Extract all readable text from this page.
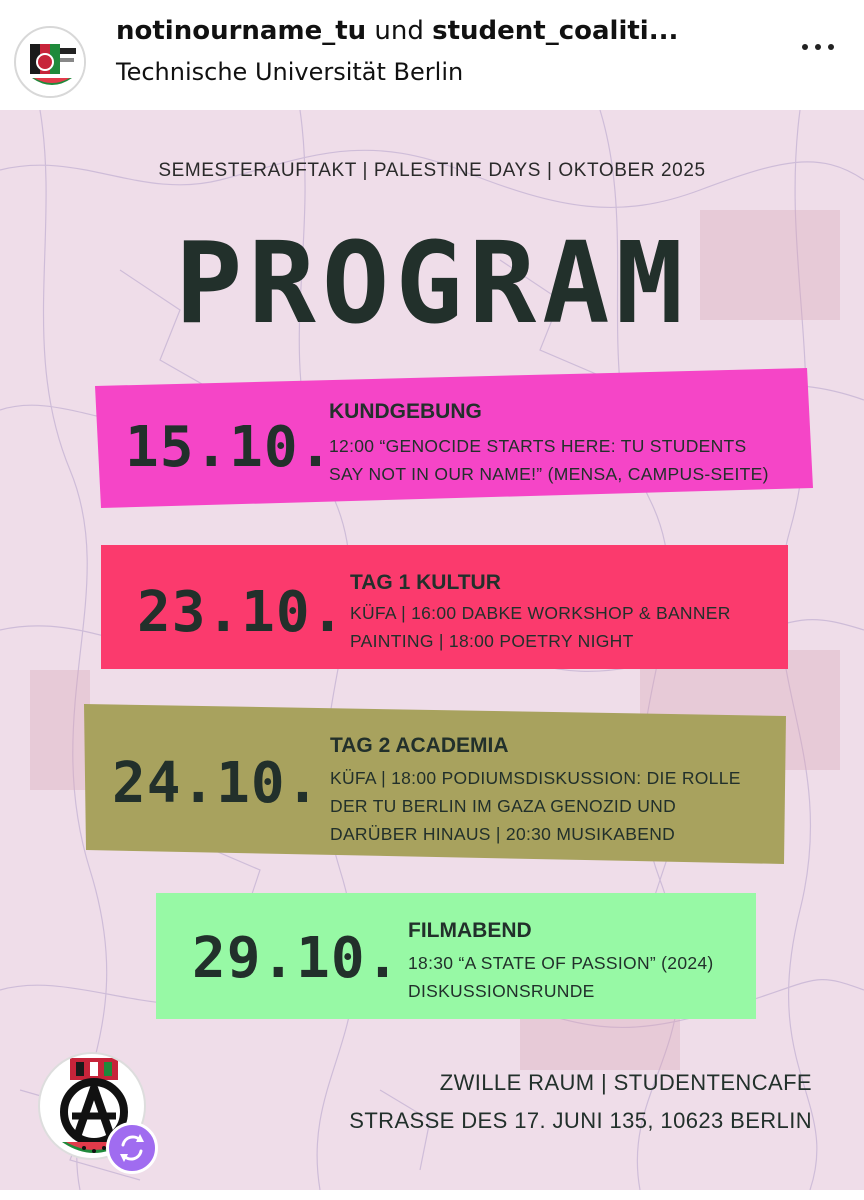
notinourname_tu und student_coaliti...
Technische Universität Berlin
SEMESTERAUFTAKT | PALESTINE DAYS | OKTOBER 2025
PROGRAM
15.10.
KUNDGEBUNG
12:00 “GENOCIDE STARTS HERE: TU STUDENTS
SAY NOT IN OUR NAME!” (MENSA, CAMPUS-SEITE)
23.10. TAG 1 KULTUR
KÜFA | 16:00 DABKE WORKSHOP & BANNER
PAINTING | 18:00 POETRY NIGHT
24.10.
TAG 2 ACADEMIA
KÜFA | 18:00 PODIUMSDISKUSSION: DIE ROLLE
DER TU BERLIN IM GAZA GENOZID UND
DARÜBER HINAUS | 20:30 MUSIKABEND
29.10. FILMABEND
18:30 “A STATE OF PASSION” (2024)
DISKUSSIONSRUNDE
ZWILLE RAUM | STUDENTENCAFE
STRASSE DES 17. JUNI 135, 10623 BERLIN
